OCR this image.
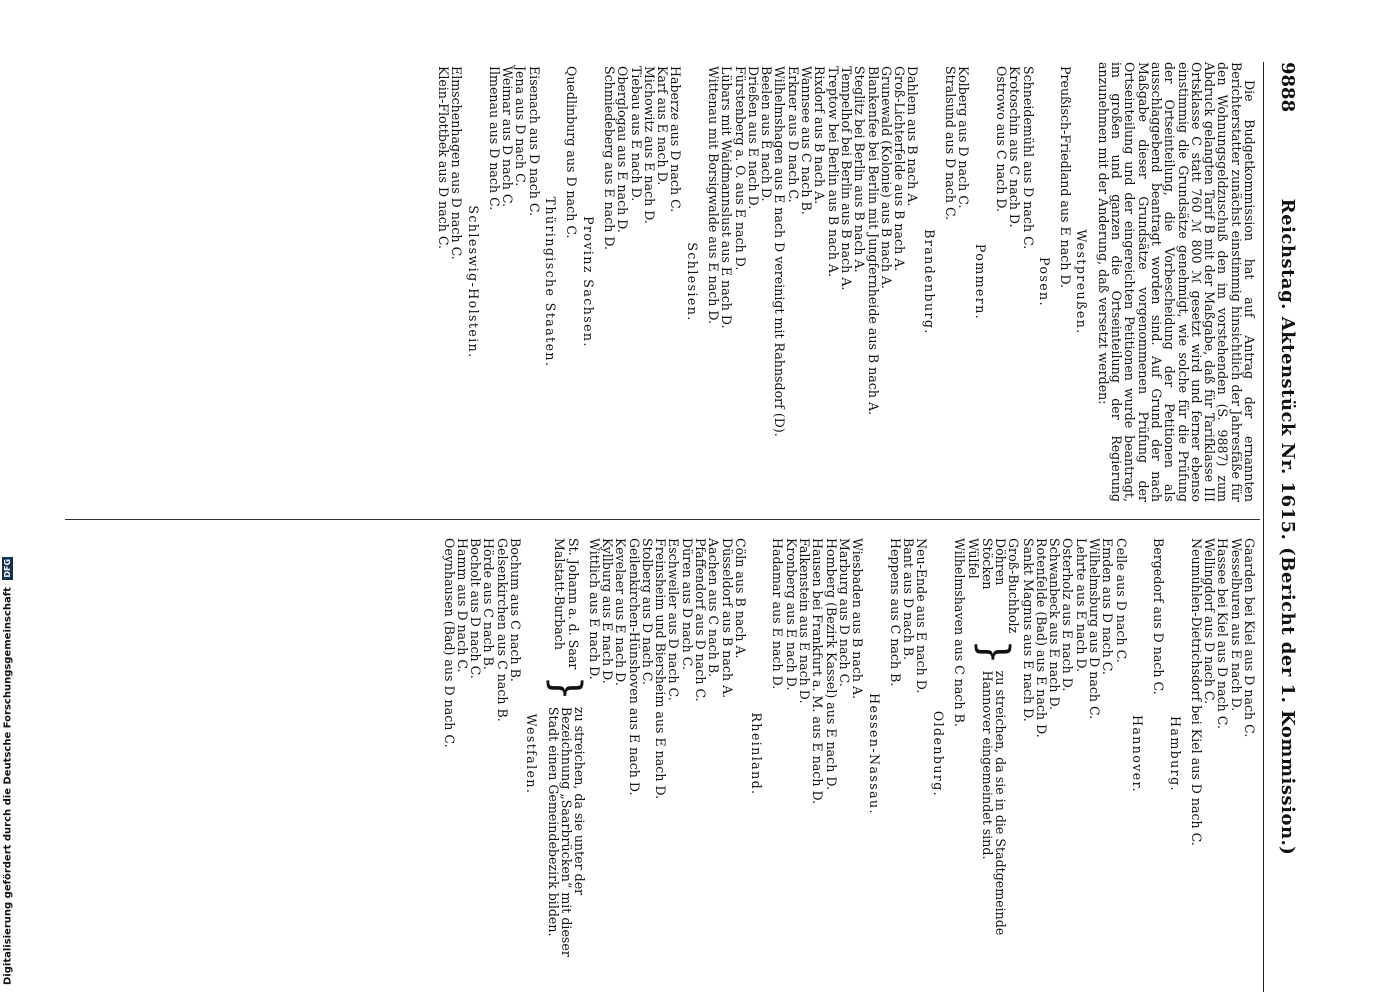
9888
Reichstag. Aktenstück Nr. 1615. (Bericht der 1. Kommission.)

Die Budgetkommission hat auf Antrag der ernannten Berichterstatter zunächst einstimmig hinsichtlich der Jahresfäße für den Wohnungsgeldzuschuß den im vorstehenden (S. 9887) zum Abdruck gelangten Tarif B mit der Maßgabe, daß für Tarifklasse III Ortsklasse C statt 760 ℳ 800 ℳ gesetzt wird und ferner ebenso einstimmig die Grundsätze genehmigt, wie solche für die Prüfung der Ortseinteilung, die Vorbescheidung der Petitionen als ausschlaggebend beantragt worden sind. Auf Grund der nach Maßgabe dieser Grundsätze vorgenommenen Prüfung der Ortseinteilung und der eingereichten Petitionen wurde beantragt, im großen und ganzen die Ortseinteilung der Regierung anzunehmen mit der Änderung, daß versetzt werden:

Westpreußen.
Preußisch-Friedland aus E nach D.
Posen.
Schneidemühl aus D nach C.
Krotoschin aus C nach D.
Ostrowo aus C nach D.
Pommern.
Kolberg aus D nach C.
Stralsund aus D nach C.
Brandenburg.
Dahlem aus B nach A.
Groß-Lichterfelde aus B nach A.
Grunewald (Kolonie) aus B nach A.
Blankenfee bei Berlin mit Jungfernheide aus B nach A.
Steglitz bei Berlin aus B nach A.
Tempelhof bei Berlin aus B nach A.
Treptow bei Berlin aus B nach A.
Rixdorf aus B nach A.
Wannsee aus C nach B.
Erkner aus D nach C.
Wilhelmshagen aus E nach D vereinigt mit Rahnsdorf (D).
Beelen aus E nach D.
Drießen aus E nach D.
Fürstenberg a. O. aus E nach D.
Lübars mit Waidmannslust aus E nach D.
Wittenau mit Borsigwalde aus E nach D.
Schlesien.
Haberze aus D nach C.
Karf aus E nach D.
Michowitz aus E nach D.
Tiebau aus E nach D.
Oberglogau aus E nach D.
Schmiedeberg aus E nach D.
Provinz Sachsen.
Quedlinburg aus D nach C.
Thüringische Staaten.
Eisenach aus D nach C.
Jena aus D nach C.
Weimar aus D nach C.
Ilmenau aus D nach C.
Schleswig-Holstein.
Elmschenhagen aus D nach C.
Klein-Flottbek aus D nach C.
Gaarden bei Kiel aus D nach C.
Wesselburen aus E nach D.
Hassee bei Kiel aus D nach C.
Wellingdorf aus D nach C.
Neumühlen-Dietrichsdorf bei Kiel aus D nach C.
Hamburg.
Bergedorf aus D nach C.
Hannover.
Celle aus D nach C.
Emden aus D nach C.
Wilhelmsburg aus D nach C.
Lehrte aus E nach D.
Osterholz aus E nach D.
Schwanbeck aus E nach D.
Rotenfelde (Bad) aus E nach D.
Sankt Magnus aus E nach D.
Groß-Buchholz
Döhren
Stöcken
Wülfel
}
zu streichen, da sie in die Stadtgemeinde Hannover eingemeindet sind.
Wilhelmshaven aus C nach B.
Oldenburg.
Neu-Ende aus E nach D.
Bant aus D nach B.
Heppens aus C nach B.
Hessen-Nassau.
Wiesbaden aus B nach A.
Marburg aus D nach C.
Homberg (Bezirk Kassel) aus E nach D.
Hausen bei Frankfurt a. M. aus E nach D.
Falkenstein aus E nach D.
Kronberg aus E nach D.
Hadamar aus E nach D.
Rheinland.
Cöln aus B nach A.
Düsseldorf aus B nach A.
Aachen aus C nach B.
Pfaffendorf aus D nach C.
Düren aus D nach C.
Eschweiler aus D nach C.
Freinsheim und Biersheim aus E nach D.
Stolberg aus D nach C.
Geilenkirchen-Hünshoven aus E nach D.
Kevelaer aus E nach D.
Kyllburg aus E nach D.
Wittlich aus E nach D.
St. Johann a. d. Saar
Malstatt-Burbach
}
zu streichen, da sie unter der Bezeichnung „Saarbrücken“ mit dieser Stadt einen Gemeindebezirk bilden.
Westfalen.
Bochum aus C nach B.
Gelsenkirchen aus C nach B.
Hörde aus C nach B.
Bocholt aus D nach C.
Hamm aus D nach C.
Oeynhausen (Bad) aus D nach C.
Digitalisierung gefördert durch die Deutsche Forschungsgemeinschaft DFG
